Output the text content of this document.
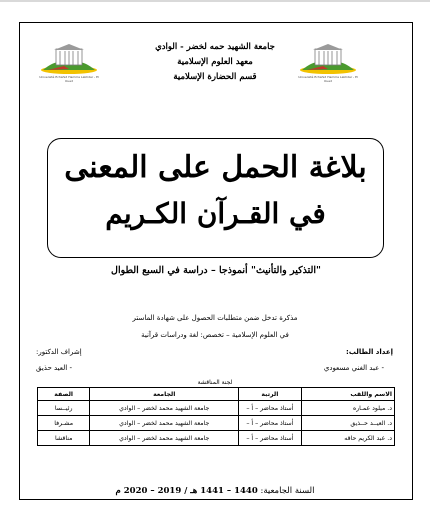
Université Echahid Hamma Lakhdar - El Oued
Université Echahid Hamma Lakhdar - El Oued
جامعة الشهيد حمه لخضر - الوادي
معهد العلوم الإسلامية
قسم الحضارة الإسلامية
بلاغة الحمل على المعنى
في القـرآن الكـريم
"التذكير والتأنيث" أنموذجا – دراسة في السبع الطوال
مذكرة تدخل ضمن متطلبات الحصول على شهادة الماستر
في العلوم الإسلامية – تخصص: لغة ودراسات قرآنية
إعداد الطالب:
- عبد الغني مسعودي
إشراف الدكتور:
- العيد حذيق
لجنة المناقشة
الاسم واللقب	الرتبة	الجامعة	الصفة
د. ميلود عمـاره	أستاذ محاضر – أ –	جامعة الشهيد محمد لخضر – الوادي	رئيــسا
د. العيــد حــذيق	أستاذ محاضر – أ –	جامعة الشهيد محمد لخضر – الوادي	مشـرفا
د. عبد الكريم حاقه	أستاذ محاضر – أ –	جامعة الشهيد محمد لخضر – الوادي	مناقشا
السنة الجامعية: 1440 – 1441 هـ / 2019 – 2020 م
